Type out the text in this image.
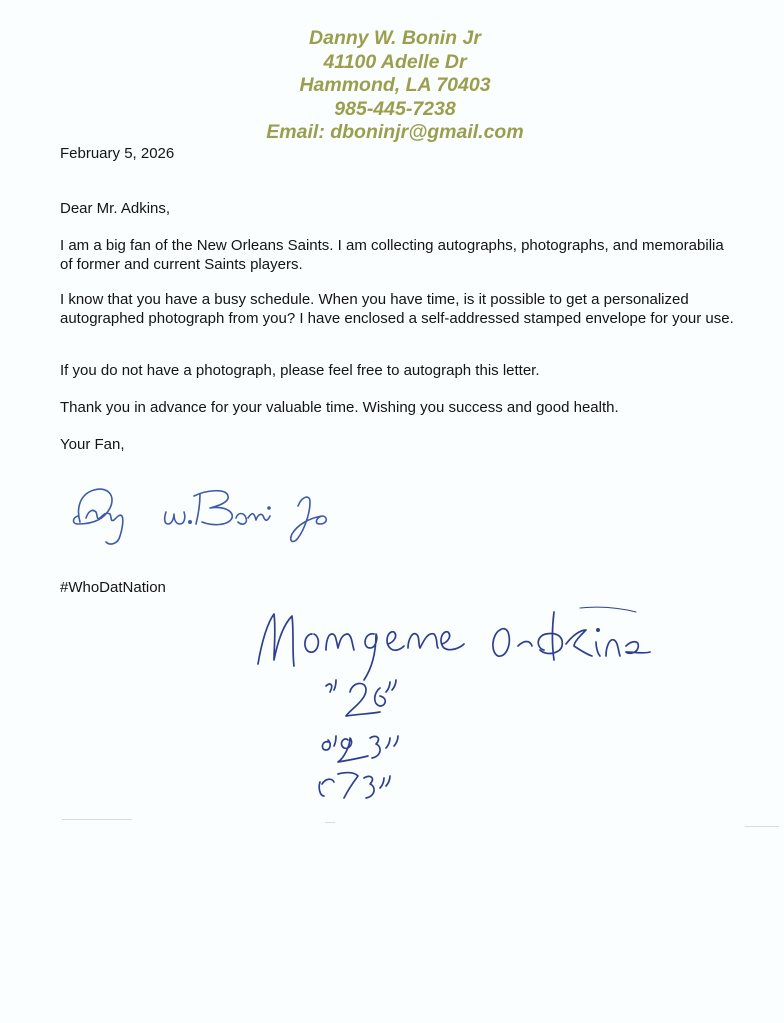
Danny W. Bonin Jr
41100 Adelle Dr
Hammond, LA 70403
985-445-7238
Email: dboninjr@gmail.com
February 5, 2026
Dear Mr. Adkins,
I am a big fan of the New Orleans Saints. I am collecting autographs, photographs, and memorabilia of former and current Saints players.
I know that you have a busy schedule. When you have time, is it possible to get a personalized autographed photograph from you? I have enclosed a self-addressed stamped envelope for your use.
If you do not have a photograph, please feel free to autograph this letter.
Thank you in advance for your valuable time. Wishing you success and good health.
Your Fan,
#WhoDatNation
